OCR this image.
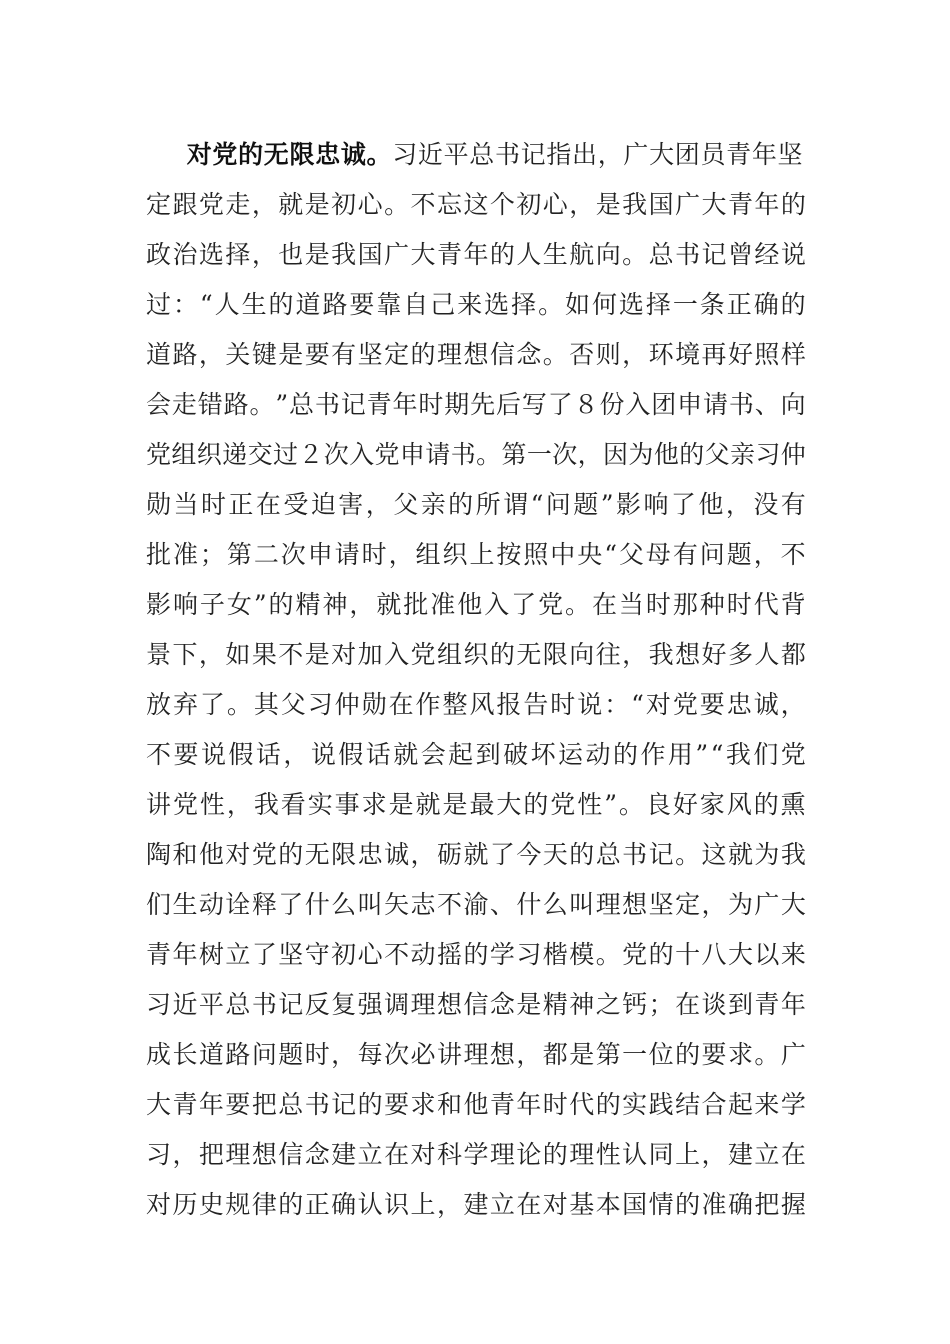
对 党 的 无 限 忠 诚 。 习 近 平 总 书 记 指 出 ， 广 大 团 员 青 年 坚
定 跟 党 走 ， 就 是 初 心 。 不 忘 这 个 初 心 ， 是 我 国 广 大 青 年 的
政 治 选 择 ， 也 是 我 国 广 大 青 年 的 人 生 航 向 。 总 书 记 曾 经 说
过 ： “ 人 生 的 道 路 要 靠 自 己 来 选 择 。 如 何 选 择 一 条 正 确 的
道 路 ， 关 键 是 要 有 坚 定 的 理 想 信 念 。 否 则 ， 环 境 再 好 照 样
会 走 错 路 。 ” 总 书 记 青 年 时 期 先 后 写 了 ８ 份 入 团 申 请 书 、 向
党 组 织 递 交 过 ２ 次 入 党 申 请 书 。 第 一 次 ， 因 为 他 的 父 亲 习 仲
勋 当 时 正 在 受 迫 害 ， 父 亲 的 所 谓 “ 问 题 ” 影 响 了 他 ， 没 有
批 准 ； 第 二 次 申 请 时 ， 组 织 上 按 照 中 央 “ 父 母 有 问 题 ， 不
影 响 子 女 ” 的 精 神 ， 就 批 准 他 入 了 党 。 在 当 时 那 种 时 代 背
景 下 ， 如 果 不 是 对 加 入 党 组 织 的 无 限 向 往 ， 我 想 好 多 人 都
放 弃 了 。 其 父 习 仲 勋 在 作 整 风 报 告 时 说 ： “ 对 党 要 忠 诚 ，
不 要 说 假 话 ， 说 假 话 就 会 起 到 破 坏 运 动 的 作 用 ” “ 我 们 党
讲 党 性 ， 我 看 实 事 求 是 就 是 最 大 的 党 性 ” 。 良 好 家 风 的 熏
陶 和 他 对 党 的 无 限 忠 诚 ， 砺 就 了 今 天 的 总 书 记 。 这 就 为 我
们 生 动 诠 释 了 什 么 叫 矢 志 不 渝 、 什 么 叫 理 想 坚 定 ， 为 广 大
青 年 树 立 了 坚 守 初 心 不 动 摇 的 学 习 楷 模 。 党 的 十 八 大 以 来
习 近 平 总 书 记 反 复 强 调 理 想 信 念 是 精 神 之 钙 ； 在 谈 到 青 年
成 长 道 路 问 题 时 ， 每 次 必 讲 理 想 ， 都 是 第 一 位 的 要 求 。 广
大 青 年 要 把 总 书 记 的 要 求 和 他 青 年 时 代 的 实 践 结 合 起 来 学
习 ， 把 理 想 信 念 建 立 在 对 科 学 理 论 的 理 性 认 同 上 ， 建 立 在
对 历 史 规 律 的 正 确 认 识 上 ， 建 立 在 对 基 本 国 情 的 准 确 把 握
